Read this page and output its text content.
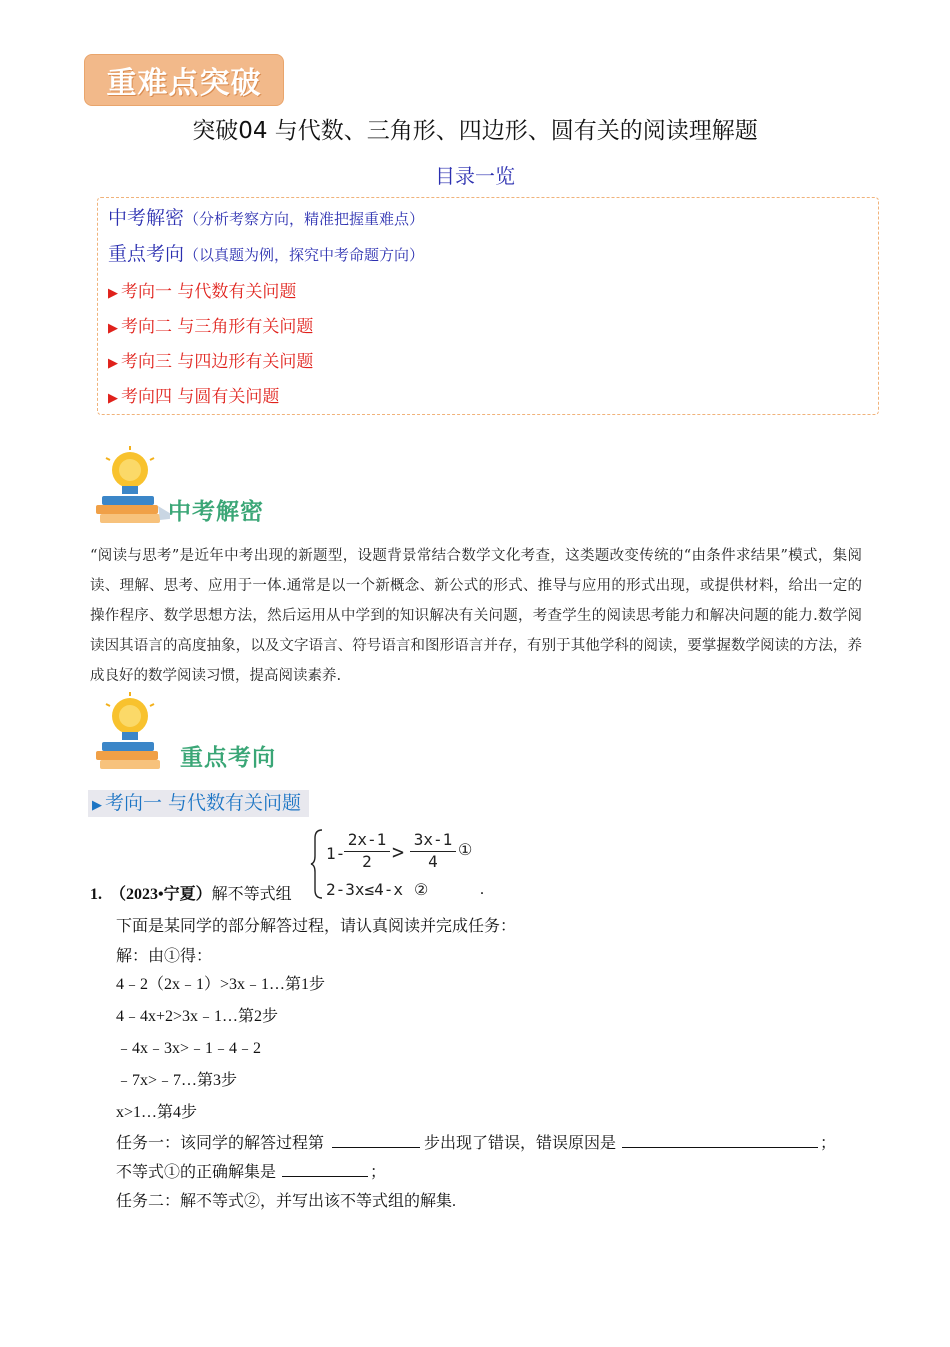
重难点突破
突破04 与代数、三角形、四边形、圆有关的阅读理解题
目录一览
中考解密（分析考察方向，精准把握重难点）
重点考向（以真题为例，探究中考命题方向）
▶ 考向一 与代数有关问题
▶ 考向二 与三角形有关问题
▶ 考向三 与四边形有关问题
▶ 考向四 与圆有关问题
中考解密
“阅读与思考”是近年中考出现的新题型，设题背景常结合数学文化考查，这类题改变传统的“由条件求结果”模式，集阅读、理解、思考、应用于一体.通常是以一个新概念、新公式的形式、推导与应用的形式出现，或提供材料，给出一定的操作程序、数学思想方法，然后运用从中学到的知识解决有关问题，考查学生的阅读思考能力和解决问题的能力.数学阅读因其语言的高度抽象，以及文字语言、符号语言和图形语言并存，有别于其他学科的阅读，要掌握数学阅读的方法，养成良好的数学阅读习惯，提高阅读素养.
重点考向
▶ 考向一 与代数有关问题
1. （2023•宁夏）解不等式组
1-
2x-1
2	>
3x-1
4
①
2-3x≤4-x ②	.
下面是某同学的部分解答过程，请认真阅读并完成任务：
解：由①得：
4﹣2（2x﹣1）>3x﹣1…第1步
4﹣4x+2>3x﹣1…第2步
﹣4x﹣3x>﹣1﹣4﹣2
﹣7x>﹣7…第3步
x>1…第4步
任务一：该同学的解答过程第	步出现了错误，错误原因是	；
不等式①的正确解集是	；
任务二：解不等式②，并写出该不等式组的解集.
